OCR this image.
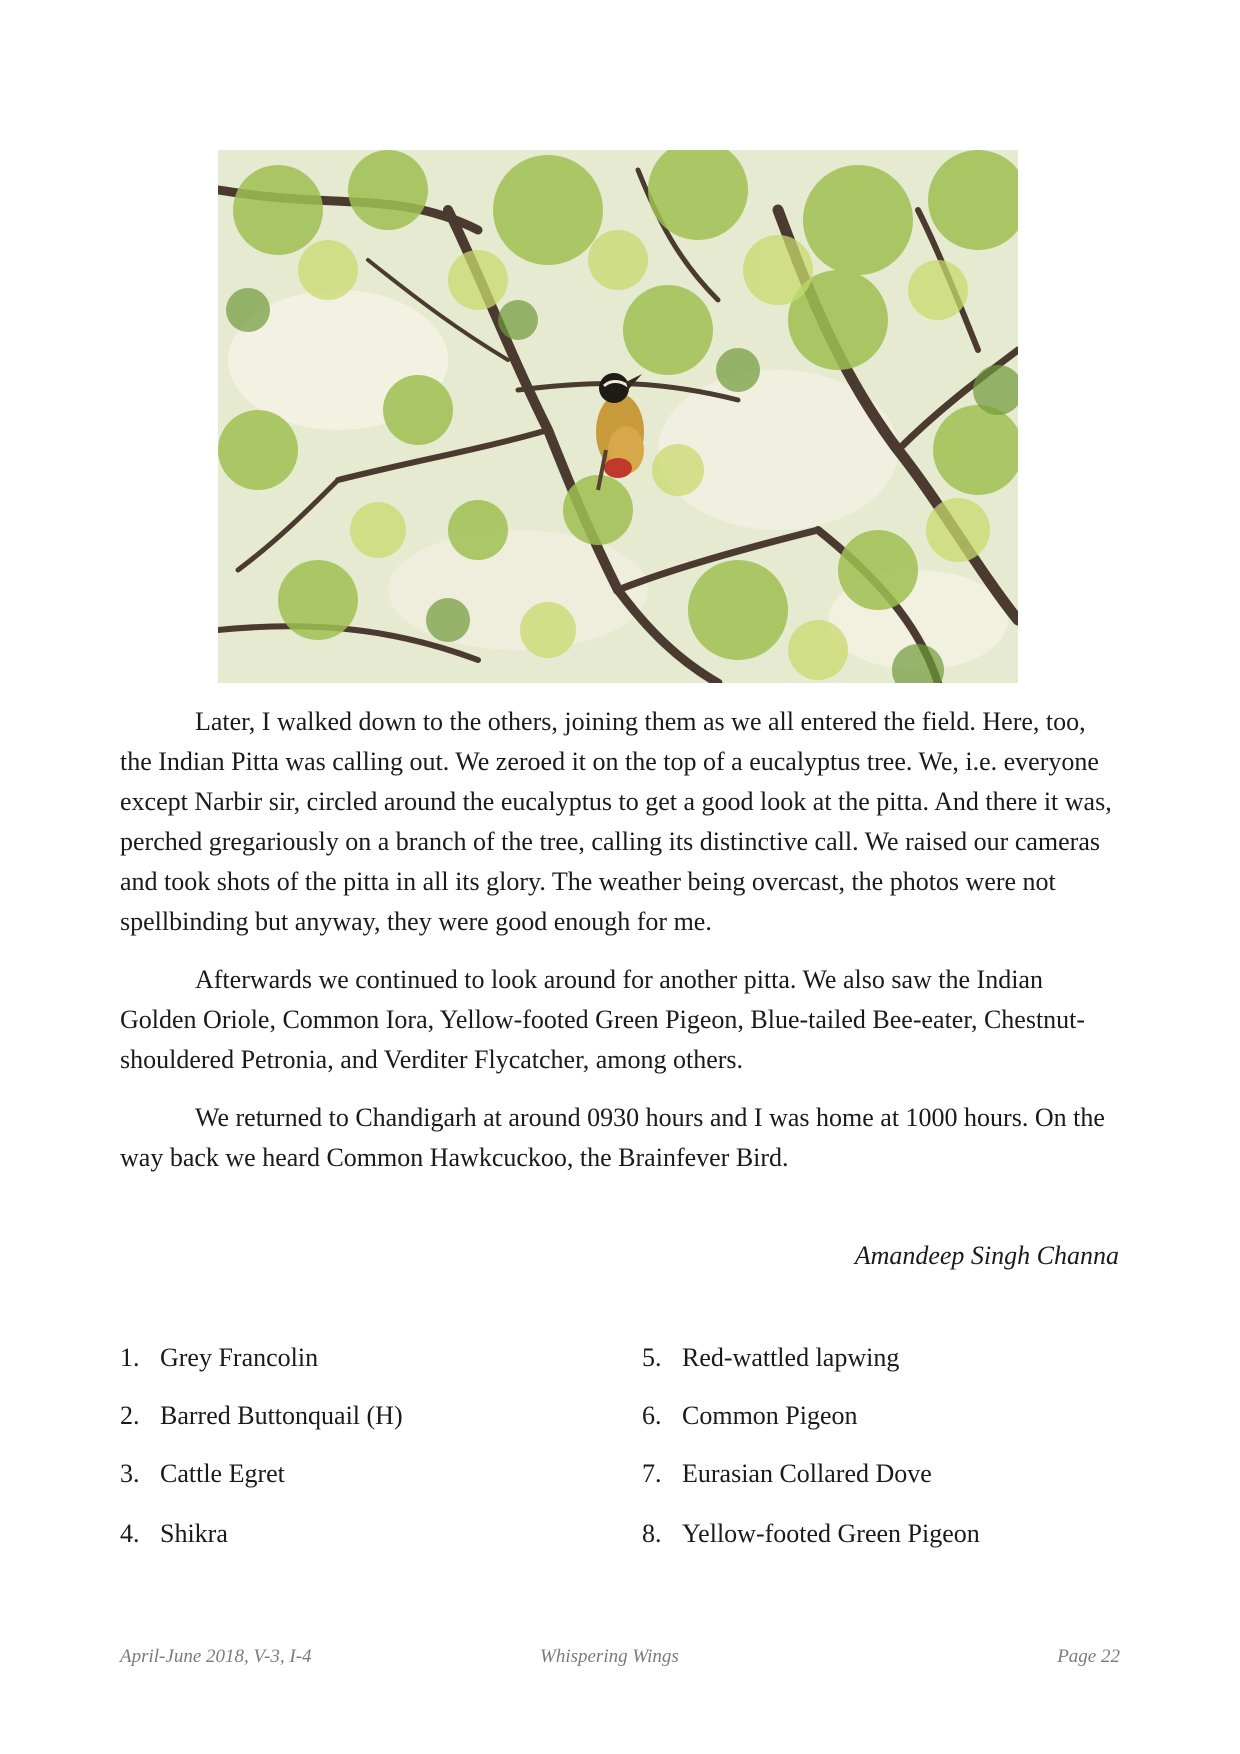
Later, I walked down to the others, joining them as we all entered the field. Here, too, the Indian Pitta was calling out. We zeroed it on the top of a eucalyptus tree. We, i.e. everyone except Narbir sir, circled around the eucalyptus to get a good look at the pitta. And there it was, perched gregariously on a branch of the tree, calling its distinctive call. We raised our cameras and took shots of the pitta in all its glory. The weather being overcast, the photos were not spellbinding but anyway, they were good enough for me.

Afterwards we continued to look around for another pitta. We also saw the Indian Golden Oriole, Common Iora, Yellow-footed Green Pigeon, Blue-tailed Bee-eater, Chestnut-shouldered Petronia, and Verditer Flycatcher, among others.

We returned to Chandigarh at around 0930 hours and I was home at 1000 hours. On the way back we heard Common Hawkcuckoo, the Brainfever Bird.

Amandeep Singh Channa
1. Grey Francolin
2. Barred Buttonquail (H)
3. Cattle Egret
4. Shikra
5. Red-wattled lapwing
6. Common Pigeon
7. Eurasian Collared Dove
8. Yellow-footed Green Pigeon
April-June 2018, V-3, I-4	Whispering Wings	Page 22
